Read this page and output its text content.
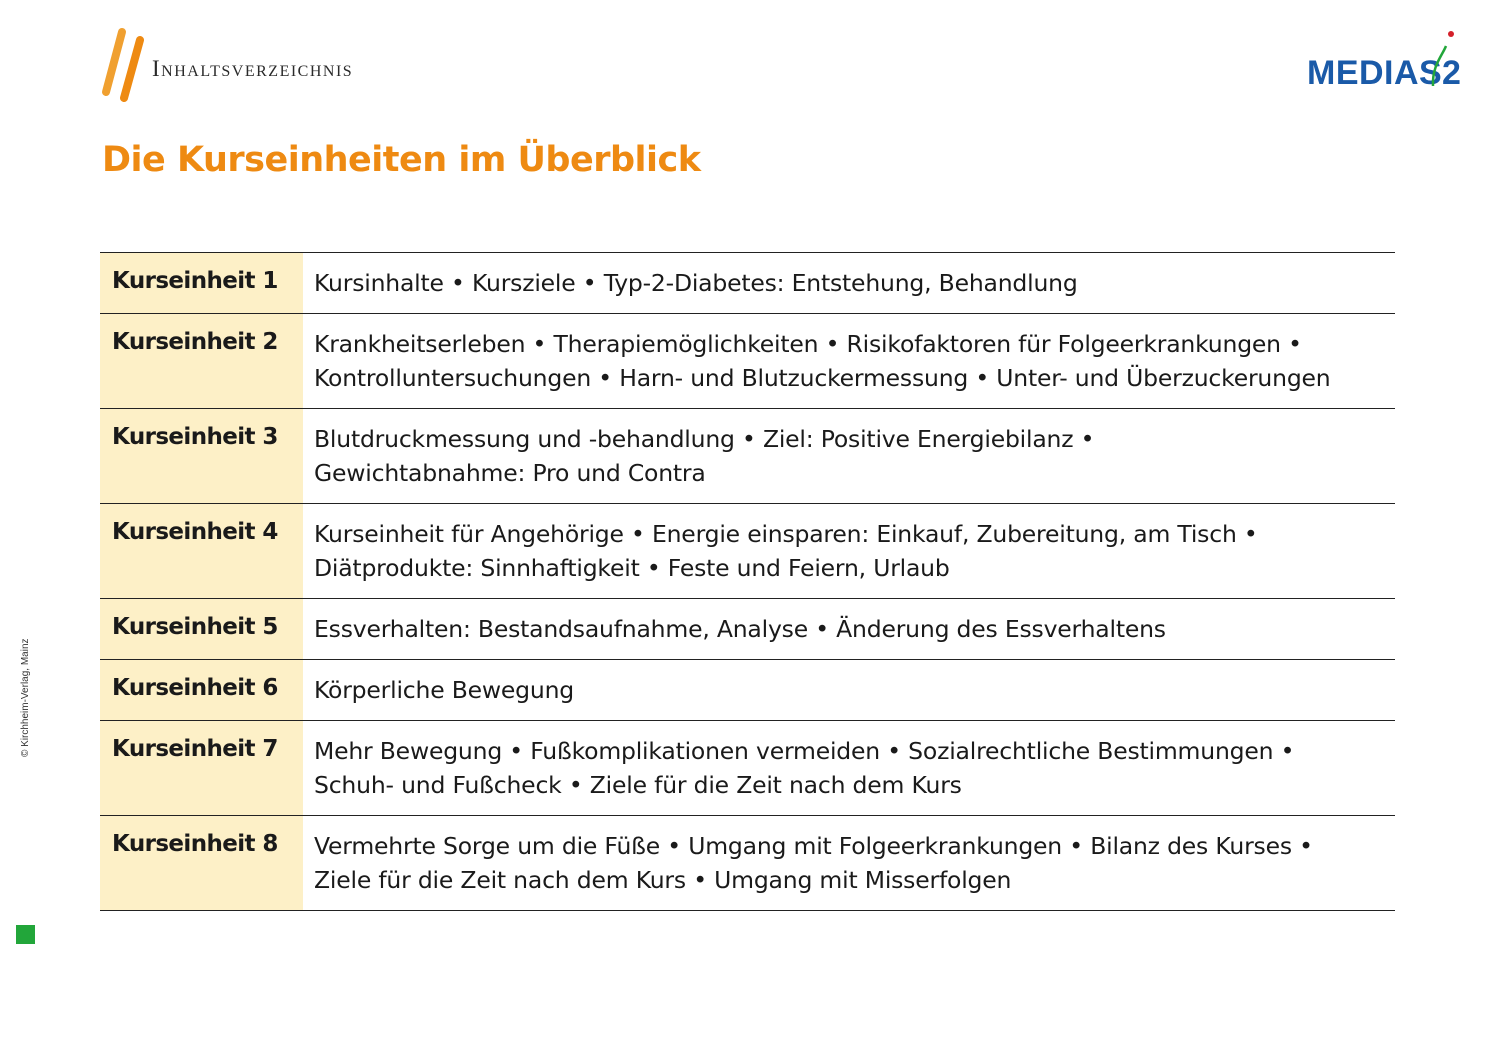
Inhaltsverzeichnis	MEDIAS 2
Die Kurseinheiten im Überblick
Kurseinheit 1	Kursinhalte • Kursziele • Typ-2-Diabetes: Entstehung, Behandlung

Kurseinheit 2	Krankheitserleben • Therapiemöglichkeiten • Risikofaktoren für Folgeerkrankungen •
Kontrolluntersuchungen • Harn- und Blutzuckermessung • Unter- und Überzuckerungen

Kurseinheit 3	Blutdruckmessung und -behandlung • Ziel: Positive Energiebilanz •
Gewichtabnahme: Pro und Contra

Kurseinheit 4	Kurseinheit für Angehörige • Energie einsparen: Einkauf, Zubereitung, am Tisch •
Diätprodukte: Sinnhaftigkeit • Feste und Feiern, Urlaub

Kurseinheit 5	Essverhalten: Bestandsaufnahme, Analyse • Änderung des Essverhaltens

Kurseinheit 6	Körperliche Bewegung

Kurseinheit 7	Mehr Bewegung • Fußkomplikationen vermeiden • Sozialrechtliche Bestimmungen •
Schuh- und Fußcheck • Ziele für die Zeit nach dem Kurs

Kurseinheit 8	Vermehrte Sorge um die Füße • Umgang mit Folgeerkrankungen • Bilanz des Kurses •
Ziele für die Zeit nach dem Kurs • Umgang mit Misserfolgen
© Kirchheim-Verlag, Mainz
